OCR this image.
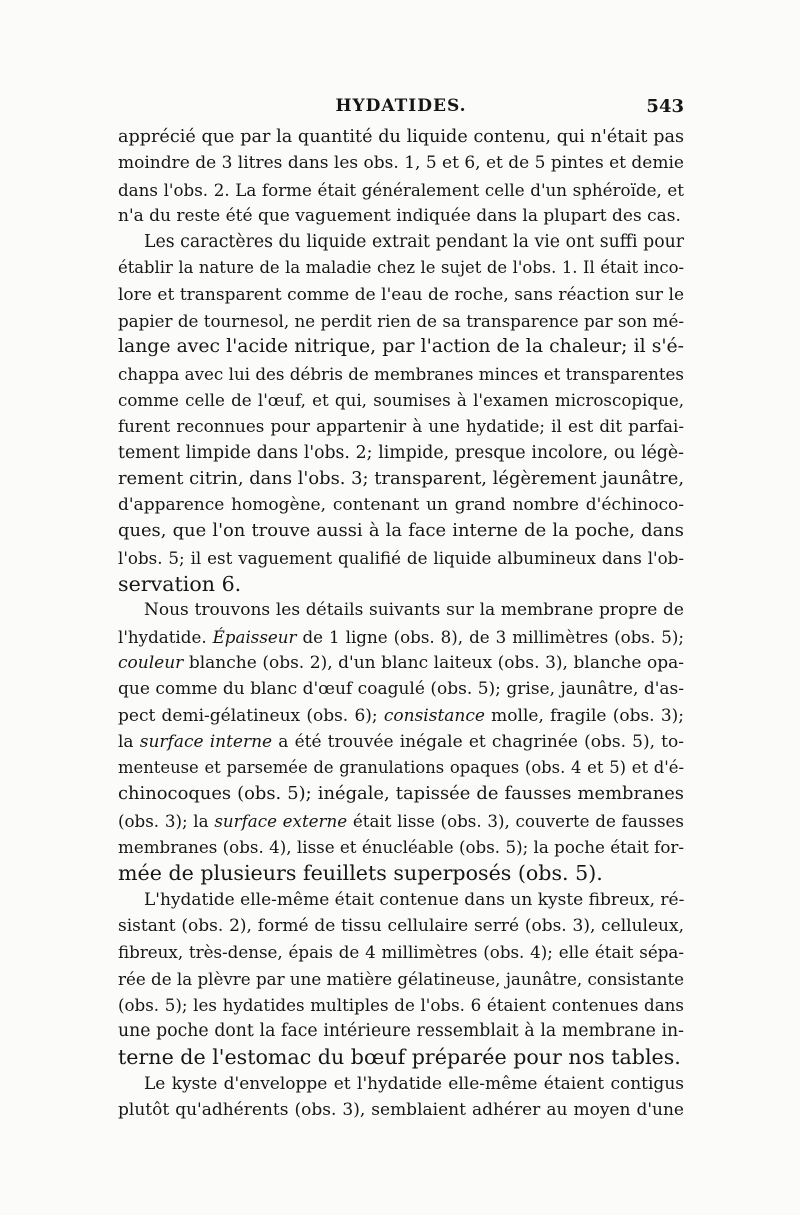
HYDATIDES.	543

apprécié que par la quantité du liquide contenu, qui n'était pas
moindre de 3 litres dans les obs. 1, 5 et 6, et de 5 pintes et demie
dans l'obs. 2. La forme était généralement celle d'un sphéroïde, et
n'a du reste été que vaguement indiquée dans la plupart des cas.

Les caractères du liquide extrait pendant la vie ont suffi pour
établir la nature de la maladie chez le sujet de l'obs. 1. Il était inco-
lore et transparent comme de l'eau de roche, sans réaction sur le
papier de tournesol, ne perdit rien de sa transparence par son mé-
lange avec l'acide nitrique, par l'action de la chaleur; il s'é-
chappa avec lui des débris de membranes minces et transparentes
comme celle de l'œuf, et qui, soumises à l'examen microscopique,
furent reconnues pour appartenir à une hydatide; il est dit parfai-
tement limpide dans l'obs. 2; limpide, presque incolore, ou légè-
rement citrin, dans l'obs. 3; transparent, légèrement jaunâtre,
d'apparence homogène, contenant un grand nombre d'échinoco-
ques, que l'on trouve aussi à la face interne de la poche, dans
l'obs. 5; il est vaguement qualifié de liquide albumineux dans l'ob-
servation 6.

Nous trouvons les détails suivants sur la membrane propre de
l'hydatide. Épaisseur de 1 ligne (obs. 8), de 3 millimètres (obs. 5);
couleur blanche (obs. 2), d'un blanc laiteux (obs. 3), blanche opa-
que comme du blanc d'œuf coagulé (obs. 5); grise, jaunâtre, d'as-
pect demi-gélatineux (obs. 6); consistance molle, fragile (obs. 3);
la surface interne a été trouvée inégale et chagrinée (obs. 5), to-
menteuse et parsemée de granulations opaques (obs. 4 et 5) et d'é-
chinocoques (obs. 5); inégale, tapissée de fausses membranes
(obs. 3); la surface externe était lisse (obs. 3), couverte de fausses
membranes (obs. 4), lisse et énucléable (obs. 5); la poche était for-
mée de plusieurs feuillets superposés (obs. 5).

L'hydatide elle-même était contenue dans un kyste fibreux, ré-
sistant (obs. 2), formé de tissu cellulaire serré (obs. 3), celluleux,
fibreux, très-dense, épais de 4 millimètres (obs. 4); elle était sépa-
rée de la plèvre par une matière gélatineuse, jaunâtre, consistante
(obs. 5); les hydatides multiples de l'obs. 6 étaient contenues dans
une poche dont la face intérieure ressemblait à la membrane in-
terne de l'estomac du bœuf préparée pour nos tables.

Le kyste d'enveloppe et l'hydatide elle-même étaient contigus
plutôt qu'adhérents (obs. 3), semblaient adhérer au moyen d'une
